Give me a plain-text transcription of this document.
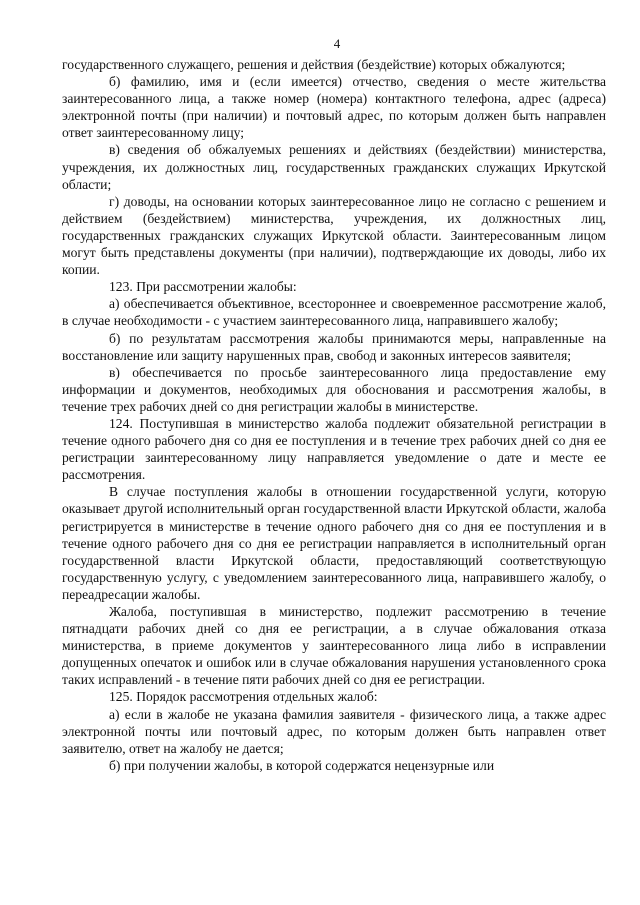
4

государственного служащего, решения и действия (бездействие) которых обжалуются;

б) фамилию, имя и (если имеется) отчество, сведения о месте жительства заинтересованного лица, а также номер (номера) контактного телефона, адрес (адреса) электронной почты (при наличии) и почтовый адрес, по которым должен быть направлен ответ заинтересованному лицу;

в) сведения об обжалуемых решениях и действиях (бездействии) министерства, учреждения, их должностных лиц, государственных гражданских служащих Иркутской области;

г) доводы, на основании которых заинтересованное лицо не согласно с решением и действием (бездействием) министерства, учреждения, их должностных лиц, государственных гражданских служащих Иркутской области. Заинтересованным лицом могут быть представлены документы (при наличии), подтверждающие их доводы, либо их копии.

123. При рассмотрении жалобы:

а) обеспечивается объективное, всестороннее и своевременное рассмотрение жалоб, в случае необходимости - с участием заинтересованного лица, направившего жалобу;

б) по результатам рассмотрения жалобы принимаются меры, направленные на восстановление или защиту нарушенных прав, свобод и законных интересов заявителя;

в) обеспечивается по просьбе заинтересованного лица предоставление ему информации и документов, необходимых для обоснования и рассмотрения жалобы, в течение трех рабочих дней со дня регистрации жалобы в министерстве.

124. Поступившая в министерство жалоба подлежит обязательной регистрации в течение одного рабочего дня со дня ее поступления и в течение трех рабочих дней со дня ее регистрации заинтересованному лицу направляется уведомление о дате и месте ее рассмотрения.

В случае поступления жалобы в отношении государственной услуги, которую оказывает другой исполнительный орган государственной власти Иркутской области, жалоба регистрируется в министерстве в течение одного рабочего дня со дня ее поступления и в течение одного рабочего дня со дня ее регистрации направляется в исполнительный орган государственной власти Иркутской области, предоставляющий соответствующую государственную услугу, с уведомлением заинтересованного лица, направившего жалобу, о переадресации жалобы.

Жалоба, поступившая в министерство, подлежит рассмотрению в течение пятнадцати рабочих дней со дня ее регистрации, а в случае обжалования отказа министерства, в приеме документов у заинтересованного лица либо в исправлении допущенных опечаток и ошибок или в случае обжалования нарушения установленного срока таких исправлений - в течение пяти рабочих дней со дня ее регистрации.

125. Порядок рассмотрения отдельных жалоб:

а) если в жалобе не указана фамилия заявителя - физического лица, а также адрес электронной почты или почтовый адрес, по которым должен быть направлен ответ заявителю, ответ на жалобу не дается;

б) при получении жалобы, в которой содержатся нецензурные или
